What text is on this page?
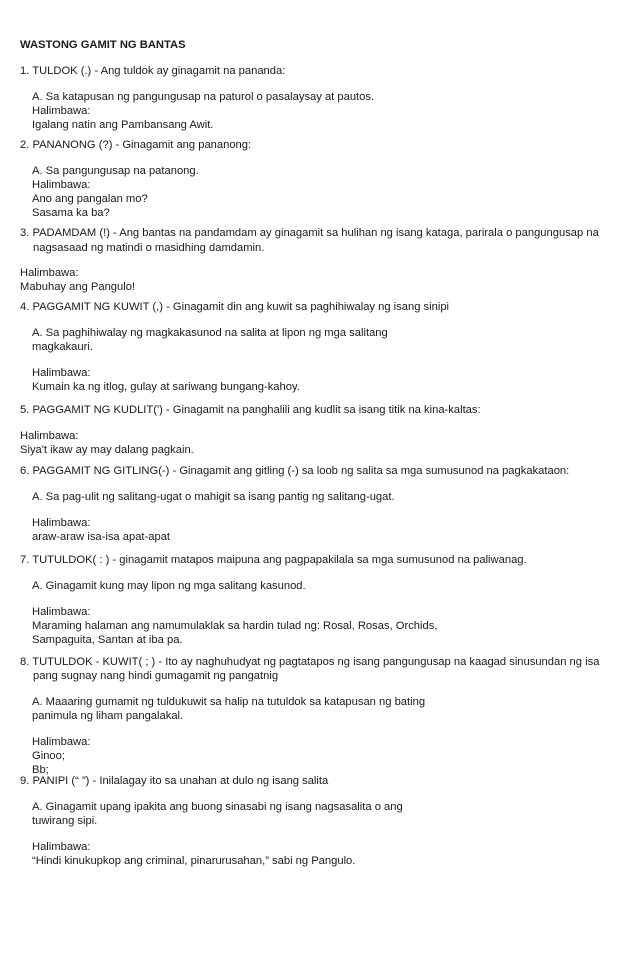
WASTONG GAMIT NG BANTAS
1. TULDOK (.) - Ang tuldok ay ginagamit na pananda:
A. Sa katapusan ng pangungusap na paturol o pasalaysay at pautos.
Halimbawa:
Igalang natin ang Pambansang Awit.
2. PANANONG (?) - Ginagamit ang pananong:
A. Sa pangungusap na patanong.
Halimbawa:
Ano ang pangalan mo?
Sasama ka ba?
3. PADAMDAM (!) - Ang bantas na pandamdam ay ginagamit sa hulihan ng isang kataga, parirala o pangungusap na nagsasaad ng matindi o masidhing damdamin.
Halimbawa:
Mabuhay ang Pangulo!
4. PAGGAMIT NG KUWIT (,) - Ginagamit din ang kuwit sa paghihiwalay ng isang sinipi
A. Sa paghihiwalay ng magkakasunod na salita at lipon ng mga salitang
magkakauri.
Halimbawa:
Kumain ka ng itlog, gulay at sariwang bungang-kahoy.
5. PAGGAMIT NG KUDLIT(') - Ginagamit na panghalili ang kudlit sa isang titik na kina-kaltas:
Halimbawa:
Siya't ikaw ay may dalang pagkain.
6. PAGGAMIT NG GITLING(-) - Ginagamit ang gitling (-) sa loob ng salita sa mga sumusunod na pagkakataon:
A. Sa pag-ulit ng salitang-ugat o mahigit sa isang pantig ng salitang-ugat.
Halimbawa:
araw-araw isa-isa apat-apat
7. TUTULDOK( : ) - ginagamit matapos maipuna ang pagpapakilala sa mga sumusunod na paliwanag.
A. Ginagamit kung may lipon ng mga salitang kasunod.
Halimbawa:
Maraming halaman ang namumulaklak sa hardin tulad ng: Rosal, Rosas, Orchids,
Sampaguita, Santan at iba pa.
8. TUTULDOK - KUWIT( ; ) - Ito ay naghuhudyat ng pagtatapos ng isang pangungusap na kaagad sinusundan ng isa pang sugnay nang hindi gumagamit ng pangatnig
A. Maaaring gumamit ng tuldukuwit sa halip na tutuldok sa katapusan ng bating
panimula ng liham pangalakal.
Halimbawa:
Ginoo;
Bb;
9. PANIPI (“ ”) - Inilalagay ito sa unahan at dulo ng isang salita
A. Ginagamit upang ipakita ang buong sinasabi ng isang nagsasalita o ang
tuwirang sipi.
Halimbawa:
“Hindi kinukupkop ang criminal, pinarurusahan,” sabi ng Pangulo.
